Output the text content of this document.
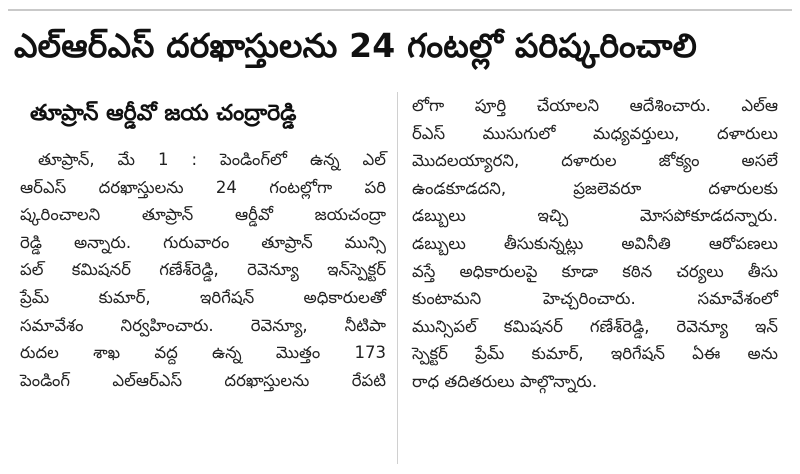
ఎల్‌ఆర్‌ఎస్ దరఖాస్తులను 24 గంటల్లో పరిష్కరించాలి
తూప్రాన్ ఆర్డీవో జయ చంద్రారెడ్డి
తూప్రాన్, మే 1 : పెండింగ్‌లో ఉన్న ఎల్
ఆర్ఎస్ దరఖాస్తులను 24 గంటల్లోగా పరి
ష్కరించాలని తూప్రాన్ ఆర్డీవో జయచంద్రా
రెడ్డి అన్నారు. గురువారం తూప్రాన్ మున్సి
పల్ కమిషనర్ గణేశ్‌రెడ్డి, రెవెన్యూ ఇన్‌స్పెక్టర్
ప్రేమ్ కుమార్, ఇరిగేషన్ అధికారులతో
సమావేశం నిర్వహించారు. రెవెన్యూ, నీటిపా
రుదల శాఖ వద్ద ఉన్న మొత్తం 173
పెండింగ్ ఎల్ఆర్ఎస్ దరఖాస్తులను రేపటి
లోగా పూర్తి చేయాలని ఆదేశించారు. ఎల్ఆ
ర్ఎస్ ముసుగులో మధ్యవర్తులు, దళారులు
మొదలయ్యారని, దళారుల జోక్యం అసలే
ఉండకూడదని, ప్రజలెవరూ దళారులకు
డబ్బులు ఇచ్చి మోసపోకూడదన్నారు.
డబ్బులు తీసుకున్నట్లు అవినీతి ఆరోపణలు
వస్తే అధికారులపై కూడా కఠిన చర్యలు తీసు
కుంటామని హెచ్చరించారు. సమావేశంలో
మున్సిపల్ కమిషనర్ గణేశ్‌రెడ్డి, రెవెన్యూ ఇన్
స్పెక్టర్ ప్రేమ్ కుమార్, ఇరిగేషన్ ఏఈ అను
రాధ తదితరులు పాల్గొన్నారు.
